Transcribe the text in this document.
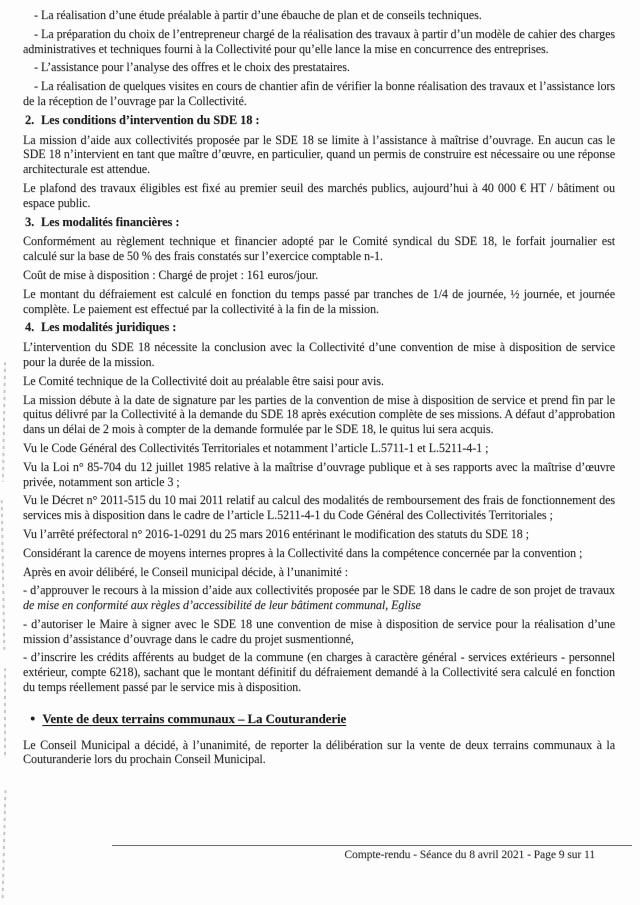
- La réalisation d’une étude préalable à partir d’une ébauche de plan et de conseils techniques.

- La préparation du choix de l’entrepreneur chargé de la réalisation des travaux à partir d’un modèle de cahier des charges administratives et techniques fourni à la Collectivité pour qu’elle lance la mise en concurrence des entreprises.

- L’assistance pour l’analyse des offres et le choix des prestataires.

- La réalisation de quelques visites en cours de chantier afin de vérifier la bonne réalisation des travaux et l’assistance lors de la réception de l’ouvrage par la Collectivité.

2. Les conditions d’intervention du SDE 18 :

La mission d’aide aux collectivités proposée par le SDE 18 se limite à l’assistance à maîtrise d’ouvrage. En aucun cas le SDE 18 n’intervient en tant que maître d’œuvre, en particulier, quand un permis de construire est nécessaire ou une réponse architecturale est attendue.

Le plafond des travaux éligibles est fixé au premier seuil des marchés publics, aujourd’hui à 40 000 € HT / bâtiment ou espace public.

3. Les modalités financières :

Conformément au règlement technique et financier adopté par le Comité syndical du SDE 18, le forfait journalier est calculé sur la base de 50 % des frais constatés sur l’exercice comptable n-1.

Coût de mise à disposition : Chargé de projet : 161 euros/jour.

Le montant du défraiement est calculé en fonction du temps passé par tranches de 1/4 de journée, ½ journée, et journée complète. Le paiement est effectué par la collectivité à la fin de la mission.

4. Les modalités juridiques :

L’intervention du SDE 18 nécessite la conclusion avec la Collectivité d’une convention de mise à disposition de service pour la durée de la mission.

Le Comité technique de la Collectivité doit au préalable être saisi pour avis.

La mission débute à la date de signature par les parties de la convention de mise à disposition de service et prend fin par le quitus délivré par la Collectivité à la demande du SDE 18 après exécution complète de ses missions. A défaut d’approbation dans un délai de 2 mois à compter de la demande formulée par le SDE 18, le quitus lui sera acquis.

Vu le Code Général des Collectivités Territoriales et notamment l’article L.5711-1 et L.5211-4-1 ;

Vu la Loi n° 85-704 du 12 juillet 1985 relative à la maîtrise d’ouvrage publique et à ses rapports avec la maîtrise d’œuvre privée, notamment son article 3 ;

Vu le Décret n° 2011-515 du 10 mai 2011 relatif au calcul des modalités de remboursement des frais de fonctionnement des services mis à disposition dans le cadre de l’article L.5211-4-1 du Code Général des Collectivités Territoriales ;

Vu l’arrêté préfectoral n° 2016-1-0291 du 25 mars 2016 entérinant le modification des statuts du SDE 18 ;

Considérant la carence de moyens internes propres à la Collectivité dans la compétence concernée par la convention ;

Après en avoir délibéré, le Conseil municipal décide, à l’unanimité :

- d’approuver le recours à la mission d’aide aux collectivités proposée par le SDE 18 dans le cadre de son projet de travaux de mise en conformité aux règles d’accessibilité de leur bâtiment communal, Eglise

- d’autoriser le Maire à signer avec le SDE 18 une convention de mise à disposition de service pour la réalisation d’une mission d’assistance d’ouvrage dans le cadre du projet susmentionné,

- d’inscrire les crédits afférents au budget de la commune (en charges à caractère général - services extérieurs - personnel extérieur, compte 6218), sachant que le montant définitif du défraiement demandé à la Collectivité sera calculé en fonction du temps réellement passé par le service mis à disposition.

● Vente de deux terrains communaux – La Couturanderie

Le Conseil Municipal a décidé, à l’unanimité, de reporter la délibération sur la vente de deux terrains communaux à la Couturanderie lors du prochain Conseil Municipal.

Compte-rendu - Séance du 8 avril 2021 - Page 9 sur 11
